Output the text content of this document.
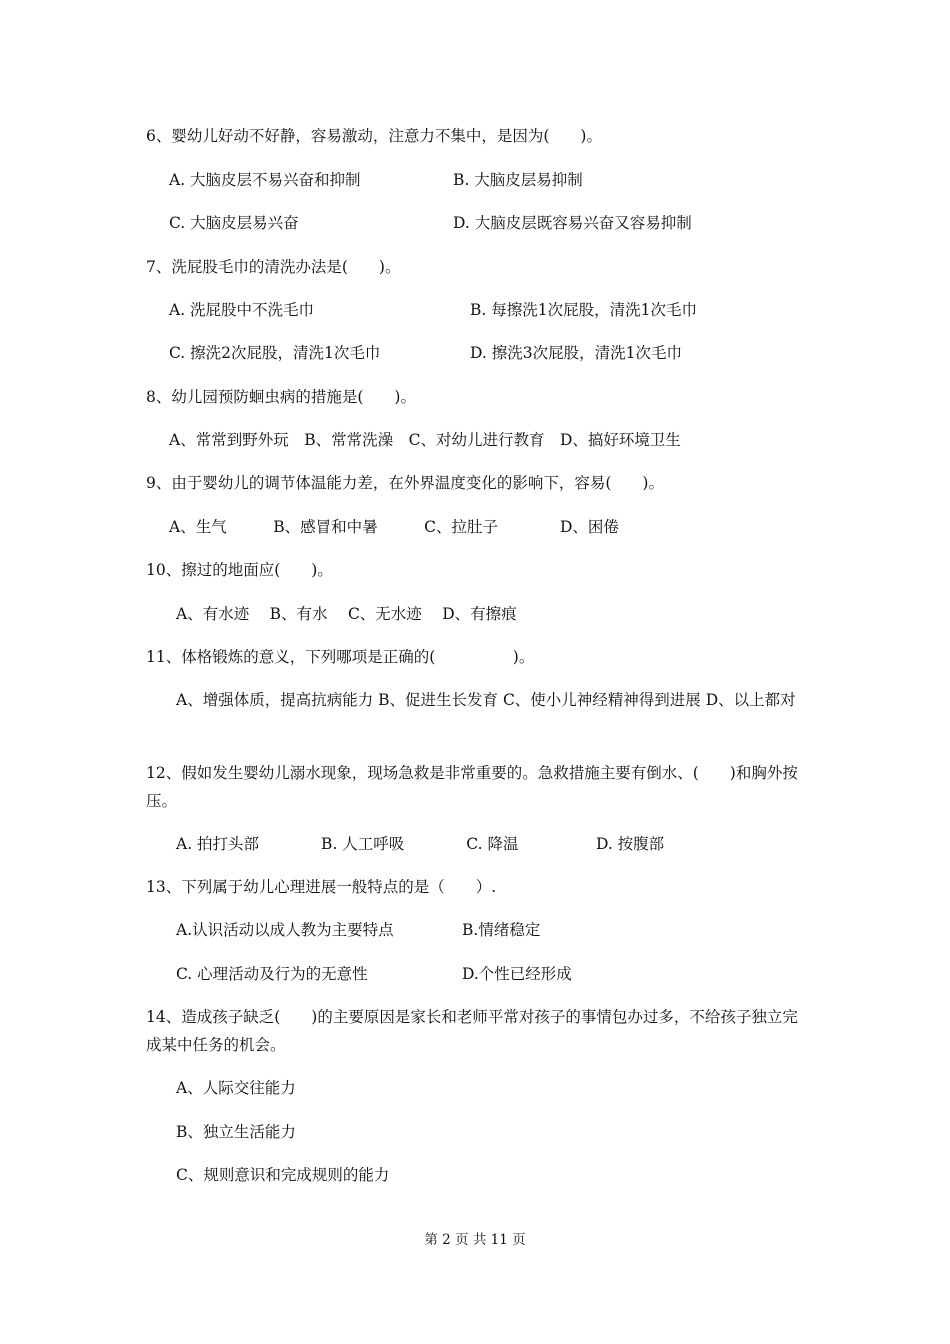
6、婴幼儿好动不好静，容易激动，注意力不集中，是因为(　　)。
A. 大脑皮层不易兴奋和抑制	B. 大脑皮层易抑制
C. 大脑皮层易兴奋	D. 大脑皮层既容易兴奋又容易抑制
7、洗屁股毛巾的清洗办法是(　　)。
A. 洗屁股中不洗毛巾	B. 每擦洗1次屁股，清洗1次毛巾
C. 擦洗2次屁股，清洗1次毛巾	D. 擦洗3次屁股，清洗1次毛巾
8、幼儿园预防蛔虫病的措施是(　　)。
A、常常到野外玩　B、常常洗澡　C、对幼儿进行教育　D、搞好环境卫生
9、由于婴幼儿的调节体温能力差，在外界温度变化的影响下，容易(　　)。
A、生气　　　B、感冒和中暑　　　C、拉肚子　　　　D、困倦
10、擦过的地面应(　　)。
A、有水迹　 B、有水　 C、无水迹　 D、有擦痕
11、体格锻炼的意义，下列哪项是正确的(　　　　　)。
A、增强体质，提高抗病能力 B、促进生长发育 C、使小儿神经精神得到进展 D、以上都对
12、假如发生婴幼儿溺水现象，现场急救是非常重要的。急救措施主要有倒水、(　　)和胸外按压。
A. 拍打头部　　　　B. 人工呼吸　　　　C. 降温　　　　　D. 按腹部
13、下列属于幼儿心理进展一般特点的是（　　）.
A.认识活动以成人教为主要特点	B.情绪稳定
C. 心理活动及行为的无意性	D.个性已经形成
14、造成孩子缺乏(　　)的主要原因是家长和老师平常对孩子的事情包办过多，不给孩子独立完成某中任务的机会。
A、人际交往能力
B、独立生活能力
C、规则意识和完成规则的能力
第 2 页 共 11 页
